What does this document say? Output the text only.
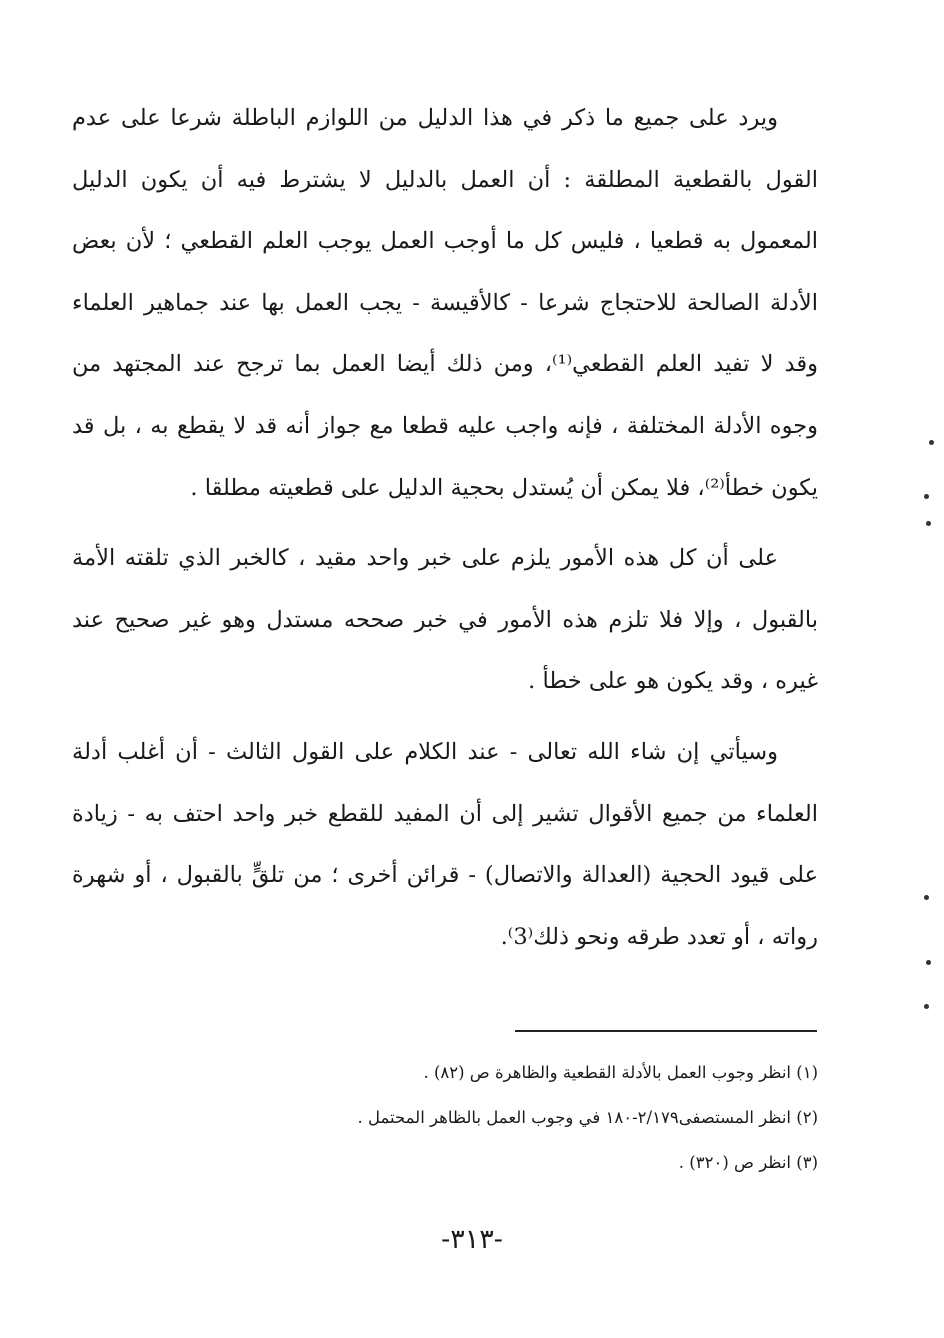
ويرد على جميع ما ذكر في هذا الدليل من اللوازم الباطلة شرعا على عدم القول بالقطعية المطلقة : أن العمل بالدليل لا يشترط فيه أن يكون الدليل المعمول به قطعيا ، فليس كل ما أوجب العمل يوجب العلم القطعي ؛ لأن بعض الأدلة الصالحة للاحتجاج شرعا - كالأقيسة - يجب العمل بها عند جماهير العلماء وقد لا تفيد العلم القطعي⁽¹⁾، ومن ذلك أيضا العمل بما ترجح عند المجتهد من وجوه الأدلة المختلفة ، فإنه واجب عليه قطعا مع جواز أنه قد لا يقطع به ، بل قد يكون خطأ⁽²⁾، فلا يمكن أن يُستدل بحجية الدليل على قطعيته مطلقا .

على أن كل هذه الأمور يلزم على خبر واحد مقيد ، كالخبر الذي تلقته الأمة بالقبول ، وإلا فلا تلزم هذه الأمور في خبر صححه مستدل وهو غير صحيح عند غيره ، وقد يكون هو على خطأ .

وسيأتي إن شاء الله تعالى - عند الكلام على القول الثالث - أن أغلب أدلة العلماء من جميع الأقوال تشير إلى أن المفيد للقطع خبر واحد احتف به - زيادة على قيود الحجية (العدالة والاتصال) - قرائن أخرى ؛ من تلقٍّ بالقبول ، أو شهرة رواته ، أو تعدد طرقه ونحو ذلك⁽3⁾.

(١) انظر وجوب العمل بالأدلة القطعية والظاهرة ص (٨٢) .

(٢) انظر المستصفى٢/١٧٩-١٨٠ في وجوب العمل بالظاهر المحتمل .

(٣) انظر ص (٣٢٠) .

-٣١٣-
